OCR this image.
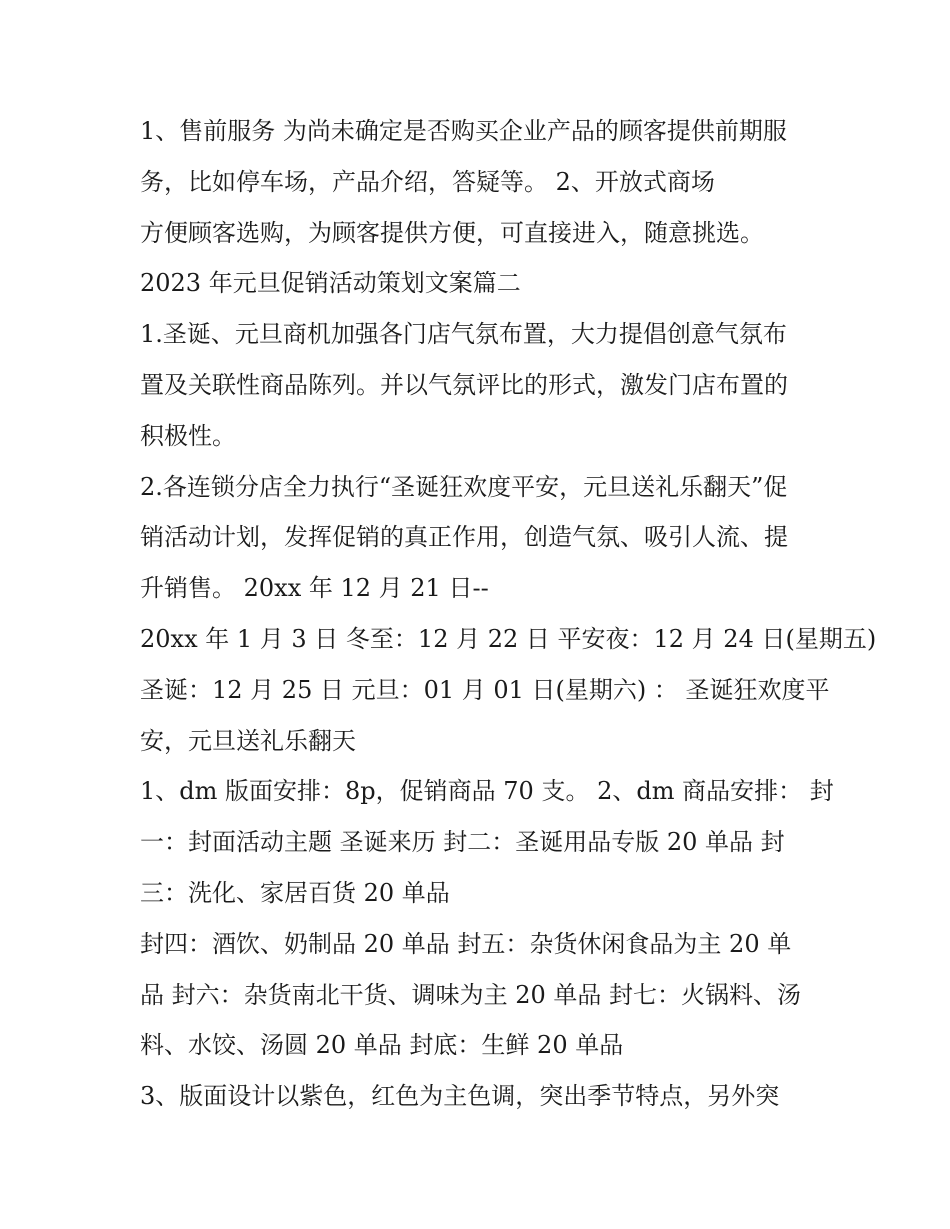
1、售前服务 为尚未确定是否购买企业产品的顾客提供前期服
务，比如停车场，产品介绍，答疑等。 2、开放式商场
方便顾客选购，为顾客提供方便，可直接进入，随意挑选。
2023 年元旦促销活动策划文案篇二
1.圣诞、元旦商机加强各门店气氛布置，大力提倡创意气氛布
置及关联性商品陈列。并以气氛评比的形式，激发门店布置的
积极性。
2.各连锁分店全力执行“圣诞狂欢度平安，元旦送礼乐翻天”促
销活动计划，发挥促销的真正作用，创造气氛、吸引人流、提
升销售。 20xx 年 12 月 21 日--
20xx 年 1 月 3 日 冬至：12 月 22 日 平安夜：12 月 24 日(星期五)
圣诞：12 月 25 日 元旦：01 月 01 日(星期六) ： 圣诞狂欢度平
安，元旦送礼乐翻天
1、dm 版面安排：8p，促销商品 70 支。 2、dm 商品安排： 封
一：封面活动主题 圣诞来历 封二：圣诞用品专版 20 单品 封
三：洗化、家居百货 20 单品
封四：酒饮、奶制品 20 单品 封五：杂货休闲食品为主 20 单
品 封六：杂货南北干货、调味为主 20 单品 封七：火锅料、汤
料、水饺、汤圆 20 单品 封底：生鲜 20 单品
3、版面设计以紫色，红色为主色调，突出季节特点，另外突
